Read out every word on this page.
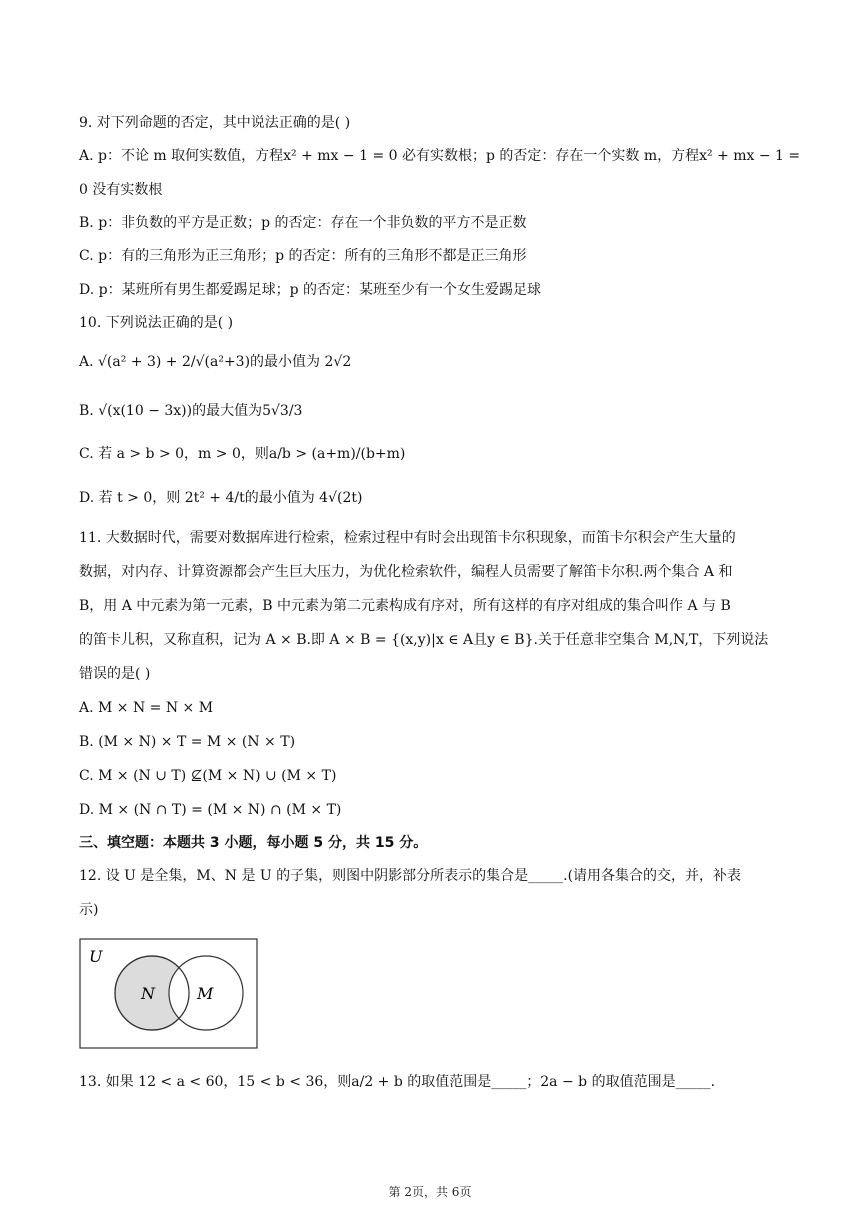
9. 对下列命题的否定，其中说法正确的是( )
A. p：不论 m 取何实数值，方程x² + mx − 1 = 0 必有实数根；p 的否定：存在一个实数 m，方程x² + mx − 1 =
0 没有实数根
B. p：非负数的平方是正数；p 的否定：存在一个非负数的平方不是正数
C. p：有的三角形为正三角形；p 的否定：所有的三角形不都是正三角形
D. p：某班所有男生都爱踢足球；p 的否定：某班至少有一个女生爱踢足球
10. 下列说法正确的是( )
A. √(a² + 3) + 2/√(a²+3)的最小值为 2√2
B. √(x(10 − 3x))的最大值为5√3/3
C. 若 a > b > 0，m > 0，则a/b > (a+m)/(b+m)
D. 若 t > 0，则 2t² + 4/t的最小值为 4√(2t)
11. 大数据时代，需要对数据库进行检索，检索过程中有时会出现笛卡尔积现象，而笛卡尔积会产生大量的
数据，对内存、计算资源都会产生巨大压力，为优化检索软件，编程人员需要了解笛卡尔积.两个集合 A 和
B，用 A 中元素为第一元素，B 中元素为第二元素构成有序对，所有这样的有序对组成的集合叫作 A 与 B
的笛卡儿积，又称直积，记为 A × B.即 A × B = {(x,y)|x ∈ A且y ∈ B}.关于任意非空集合 M,N,T，下列说法
错误的是( )
A. M × N = N × M
B. (M × N) × T = M × (N × T)
C. M × (N ∪ T) ⊈(M × N) ∪ (M × T)
D. M × (N ∩ T) = (M × N) ∩ (M × T)
三、填空题：本题共 3 小题，每小题 5 分，共 15 分。
12. 设 U 是全集，M、N 是 U 的子集，则图中阴影部分所表示的集合是_____.(请用各集合的交，并，补表
示)
U
N	M
13. 如果 12 < a < 60，15 < b < 36，则a/2 + b 的取值范围是_____；2a − b 的取值范围是_____.
第 2页，共 6页
